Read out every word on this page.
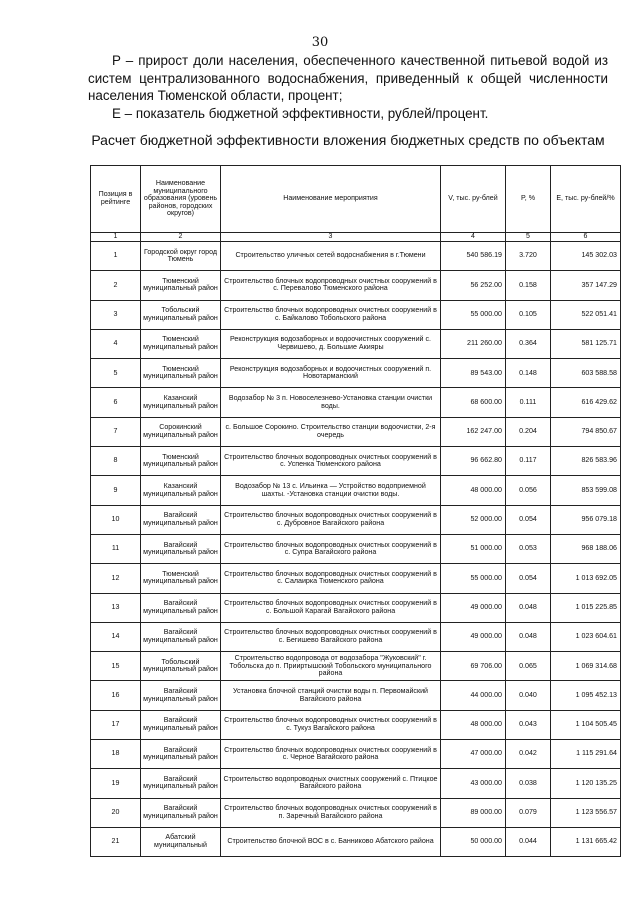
30

P – прирост доли населения, обеспеченного качественной питьевой водой из систем централизованного водоснабжения, приведенный к общей численности населения Тюменской области, процент;

E – показатель бюджетной эффективности, рублей/процент.

Расчет бюджетной эффективности вложения бюджетных средств по объектам
Позиция в рейтинге	Наименование муниципального образования (уровень районов, городских округов)	Наименование мероприятия	V, тыс. ру-блей	P, %	E, тыс. ру-блей/%
1	2	3	4	5	6
1	Городской округ город Тюмень	Строительство уличных сетей водоснабжения в г.Тюмени	540 586.19	3.720	145 302.03
2	Тюменский муниципальный район	Строительство блочных водопроводных очистных сооружений в с. Перевалово Тюменского района	56 252.00	0.158	357 147.29
3	Тобольский муниципальный район	Строительство блочных водопроводных очистных сооружений в с. Байкалово Тобольского района	55 000.00	0.105	522 051.41
4	Тюменский муниципальный район	Реконструкция водозаборных и водоочистных сооружений с. Червишево, д. Большие Акияры	211 260.00	0.364	581 125.71
5	Тюменский муниципальный район	Реконструкция водозаборных и водоочистных сооружений п. Новотарманский	89 543.00	0.148	603 588.58
6	Казанский муниципальный район	Водозабор № 3 п. Новоселезнево-Установка станции очистки воды.	68 600.00	0.111	616 429.62
7	Сорокинский муниципальный район	с. Большое Сорокино. Строительство станции водоочистки, 2-я очередь	162 247.00	0.204	794 850.67
8	Тюменский муниципальный район	Строительство блочных водопроводных очистных сооружений в с. Успенка Тюменского района	96 662.80	0.117	826 583.96
9	Казанский муниципальный район	Водозабор № 13 с. Ильинка — Устройство водоприемной шахты. -Установка станции очистки воды.	48 000.00	0.056	853 599.08
10	Вагайский муниципальный район	Строительство блочных водопроводных очистных сооружений в с. Дубровное Вагайского района	52 000.00	0.054	956 079.18
11	Вагайский муниципальный район	Строительство блочных водопроводных очистных сооружений в с. Супра Вагайского района	51 000.00	0.053	968 188.06
12	Тюменский муниципальный район	Строительство блочных водопроводных очистных сооружений в с. Салаирка Тюменского района	55 000.00	0.054	1 013 692.05
13	Вагайский муниципальный район	Строительство блочных водопроводных очистных сооружений в с. Большой Карагай Вагайского района	49 000.00	0.048	1 015 225.85
14	Вагайский муниципальный район	Строительство блочных водопроводных очистных сооружений в с. Бегишево Вагайского района	49 000.00	0.048	1 023 604.61
15	Тобольский муниципальный район	Строительство водопровода от водозабора "Жуковский" г. Тобольска до п. Прииртышский Тобольского муниципального района	69 706.00	0.065	1 069 314.68
16	Вагайский муниципальный район	Установка блочной станций очистки воды п. Первомайский Вагайского района	44 000.00	0.040	1 095 452.13
17	Вагайский муниципальный район	Строительство блочных водопроводных очистных сооружений в с. Тукуз Вагайского района	48 000.00	0.043	1 104 505.45
18	Вагайский муниципальный район	Строительство блочных водопроводных очистных сооружений в с. Черное Вагайского района	47 000.00	0.042	1 115 291.64
19	Вагайский муниципальный район	Строительство водопроводных очистных сооружений с. Птицкое Вагайского района	43 000.00	0.038	1 120 135.25
20	Вагайский муниципальный район	Строительство блочных водопроводных очистных сооружений в п. Заречный Вагайского района	89 000.00	0.079	1 123 556.57
21	Абатский муниципальный	Строительство блочной ВОС в с. Банниково Абатского района	50 000.00	0.044	1 131 665.42
